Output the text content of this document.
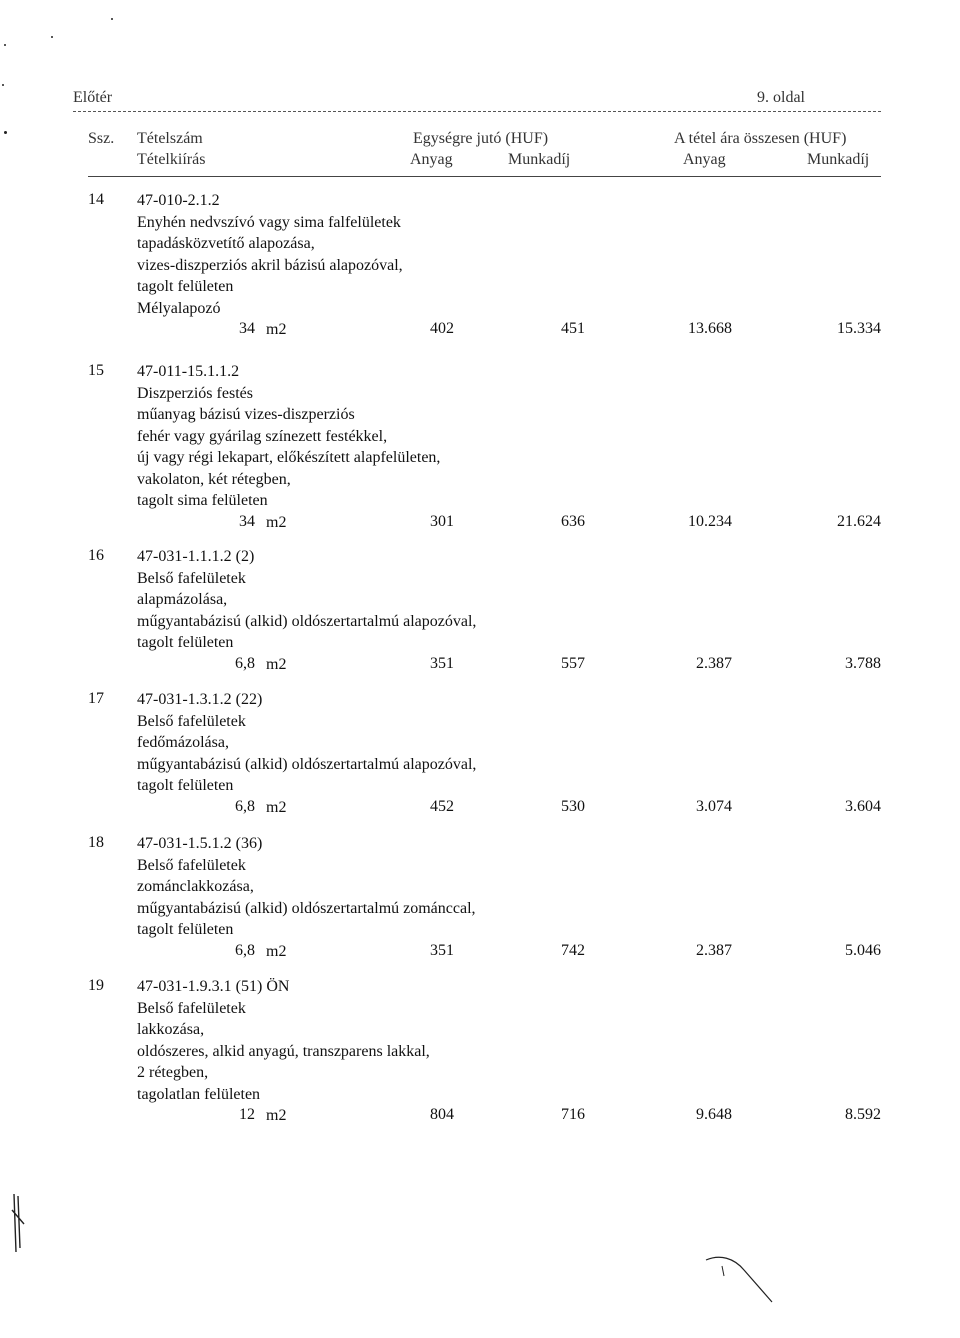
Előtér	9. oldal
Ssz. Tételszám
Tételkiírás
Egységre jutó (HUF)
Anyag	Munkadíj
A tétel ára összesen (HUF)
Anyag	Munkadíj
14 47-010-2.1.2
Enyhén nedvszívó vagy sima falfelületek
tapadásközvetítő alapozása,
vizes-diszperziós akril bázisú alapozóval,
tagolt felületen
Mélyalapozó
34 m2	402	451	13.668	15.334
15 47-011-15.1.1.2
Diszperziós festés
műanyag bázisú vizes-diszperziós
fehér vagy gyárilag színezett festékkel,
új vagy régi lekapart, előkészített alapfelületen,
vakolaton, két rétegben,
tagolt sima felületen
34 m2	301	636	10.234	21.624
16 47-031-1.1.1.2 (2)
Belső fafelületek
alapmázolása,
műgyantabázisú (alkid) oldószertartalmú alapozóval,
tagolt felületen
6,8 m2	351	557	2.387	3.788
17 47-031-1.3.1.2 (22)
Belső fafelületek
fedőmázolása,
műgyantabázisú (alkid) oldószertartalmú alapozóval,
tagolt felületen
6,8 m2	452	530	3.074	3.604
18 47-031-1.5.1.2 (36)
Belső fafelületek
zománclakkozása,
műgyantabázisú (alkid) oldószertartalmú zománccal,
tagolt felületen
6,8 m2	351	742	2.387	5.046
19 47-031-1.9.3.1 (51) ÖN
Belső fafelületek
lakkozása,
oldószeres, alkid anyagú, transzparens lakkal,
2 rétegben,
tagolatlan felületen
12 m2	804	716	9.648	8.592
